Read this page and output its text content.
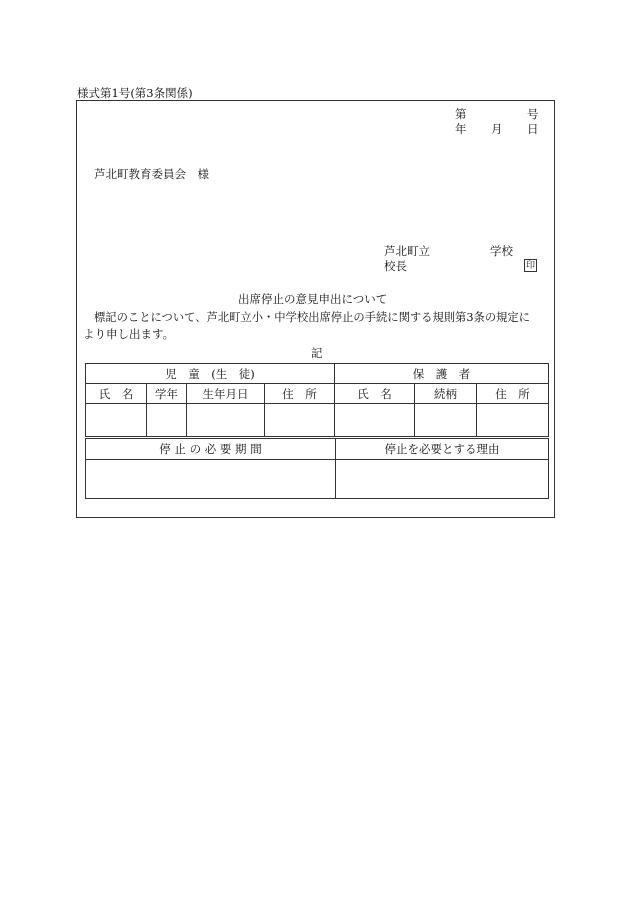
様式第1号(第3条関係)
第	号
年 月 日
芦北町教育委員会　様
芦北町立	学校
校長	印
出席停止の意見申出について
標記のことについて、芦北町立小・中学校出席停止の手続に関する規則第3条の規定に
より申し出ます。
記
児　童　(生　徒)				保　護　者		
氏　名	学年	生年月日	住　所	氏　名	続柄	住　所

停 止 の 必 要 期 間	停止を必要とする理由
